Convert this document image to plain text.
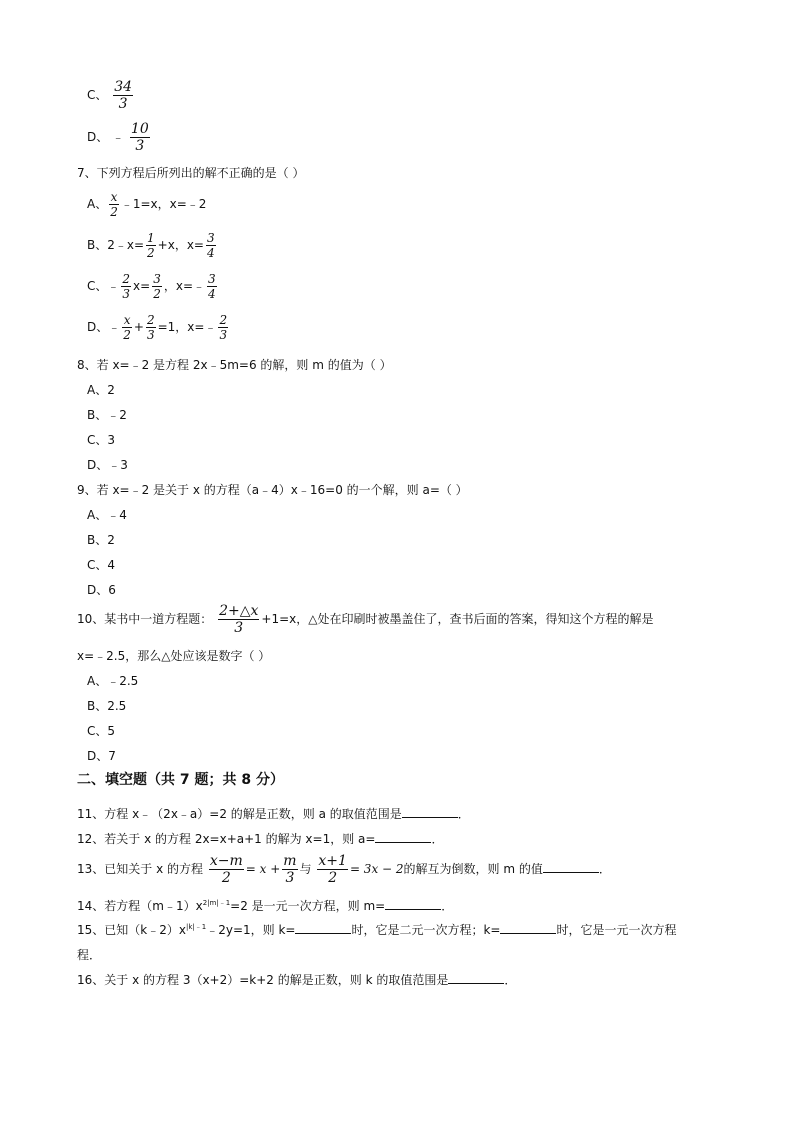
C、 $\frac{34}{3}$
D、 ﹣ $\frac{10}{3}$
7、下列方程后所列出的解不正确的是（ ）
A、 $\frac{x}{2}$ ﹣1=x，x=﹣2
B、2﹣x= $\frac{1}{2} +x$，$x= \frac{3}{4}$
C、﹣ $\frac{2}{3} x= \frac{3}{2}$ ，x=﹣ $\frac{3}{4}$
D、﹣ $\frac{x}{2} + \frac{2}{3} =1$，x=﹣ $\frac{2}{3}$
8、若 x=﹣2 是方程 2x﹣5m=6 的解，则 m 的值为（ ）
A、2
B、﹣2
C、3
D、﹣3
9、若 x=﹣2 是关于 x 的方程（a﹣4）x﹣16=0 的一个解，则 a=（ ）
A、﹣4
B、2
C、4
D、6
10、某书中一道方程题： $\frac{2+\triangle x}{3} +1=x$，△处在印刷时被墨盖住了，查书后面的答案，得知这个方程的解是
x=﹣2.5，那么△处应该是数字（ ）
A、﹣2.5
B、2.5
C、5
D、7
二、填空题（共 7 题；共 8 分）
11、方程 x﹣（2x﹣a）=2 的解是正数，则 a 的取值范围是	．
12、若关于 x 的方程 2x=x+a+1 的解为 x=1，则 a=	．
13、已知关于 x 的方程 $\frac{x-m}{2} = x + \frac{m}{3}$ 与 $\frac{x+1}{2} = 3x - 2$的解互为倒数，则 m 的值	．
14、若方程$(m﹣1)x^{2|m|﹣1}=2$ 是一元一次方程，则 m=	．
15、已知$(k﹣2)x^{|k|﹣1}﹣2y=1$，则 k=	时，它是二元一次方程；k=	时，它是一元一次方程
程．
16、关于 x 的方程 3（x+2）=k+2 的解是正数，则 k 的取值范围是	．
